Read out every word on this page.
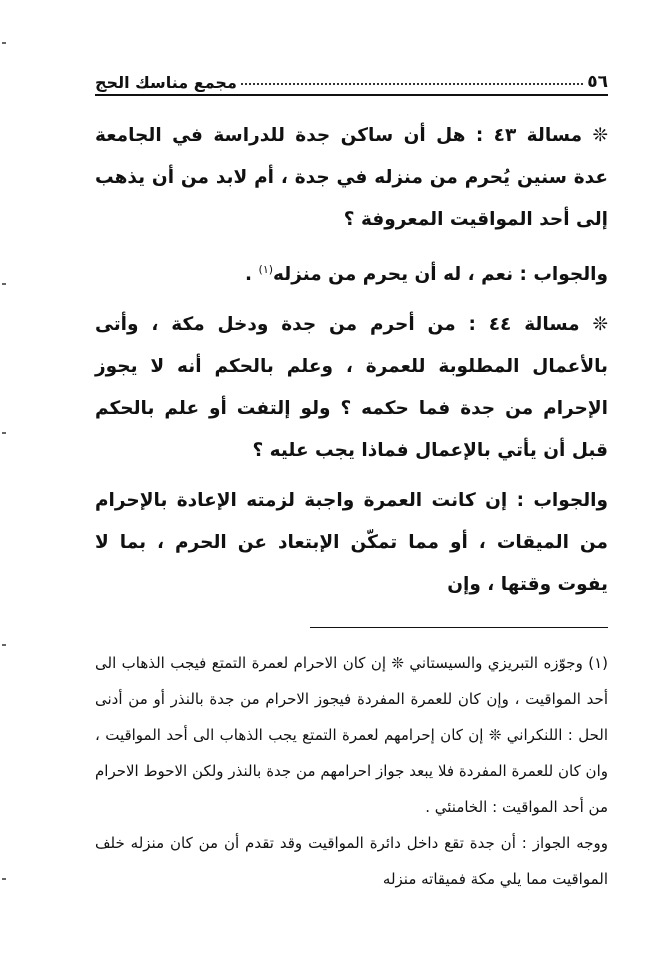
٥٦
مجمع مناسك الحج

❊ مسالة ٤٣ : هل أن ساكن جدة للدراسة في الجامعة عدة سنين يُحرم من منزله في جدة ، أم لابد من أن يذهب إلى أحد المواقيت المعروفة ؟

والجواب : نعم ، له أن يحرم من منزله$^{(١)}$ .

❊ مسالة ٤٤ : من أحرم من جدة ودخل مكة ، وأتى بالأعمال المطلوبة للعمرة ، وعلم بالحكم أنه لا يجوز الإحرام من جدة فما حكمه ؟ ولو إلتفت أو علم بالحكم قبل أن يأتي بالإعمال فماذا يجب عليه ؟

والجواب : إن كانت العمرة واجبة لزمته الإعادة بالإحرام من الميقات ، أو مما تمكّن الإبتعاد عن الحرم ، بما لا يفوت وقتها ، وإن

(١) وجوّزه التبريزي والسيستاني ❊ إن كان الاحرام لعمرة التمتع فيجب الذهاب الى أحد المواقيت ، وإن كان للعمرة المفردة فيجوز الاحرام من جدة بالنذر أو من أدنى الحل : اللنكراني ❊ إن كان إحرامهم لعمرة التمتع يجب الذهاب الى أحد المواقيت ، وان كان للعمرة المفردة فلا يبعد جواز احرامهم من جدة بالنذر ولكن الاحوط الاحرام من أحد المواقيت : الخامنئي .

ووجه الجواز : أن جدة تقع داخل دائرة المواقيت وقد تقدم أن من كان منزله خلف المواقيت مما يلي مكة فميقاته منزله
